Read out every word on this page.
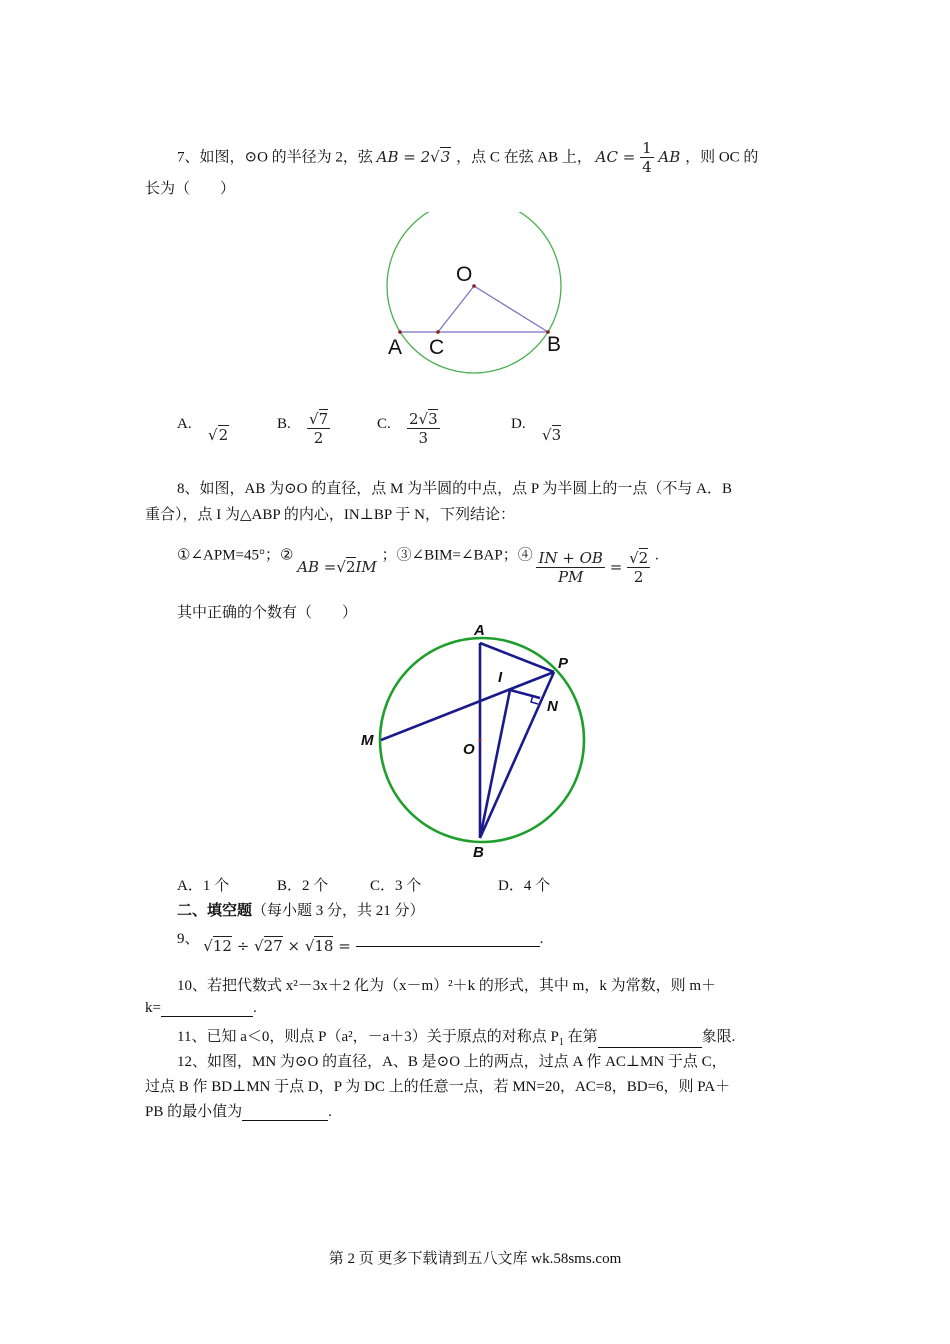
7、如图，⊙O 的半径为 2，弦 AB = 2√3 ，点 C 在弦 AB 上， AC = $\frac{1}{4}$ AB ，则 OC 的
长为（　　）
O
A C	B
A.
√2
B. $\frac{√7}{2}$	C. $\frac{2√3}{3}$	D.
√3
8、如图，AB 为⊙O 的直径，点 M 为半圆的中点，点 P 为半圆上的一点（不与 A．B
重合），点 I 为△ABP 的内心，IN⊥BP 于 N，下列结论：
①∠APM=45°；② AB =√2IM ；③∠BIM=∠BAP；④ $\frac{IN + OB}{PM} = \frac{√2}{2}$ .
其中正确的个数有（　　）
A
P
I
N
M
O
B
A．1 个	B．2 个	C．3 个	D．4 个
二、填空题（每小题 3 分，共 21 分）
9、 √12 ÷ √27 × √18 =	.
10、若把代数式 x²－3x＋2 化为（x－m）²＋k 的形式，其中 m，k 为常数，则 m＋
k=	.
11、已知 a＜0，则点 P（a²，－a＋3）关于原点的对称点 $P_1$ 在第	象限.
12、如图，MN 为⊙O 的直径，A、B 是⊙O 上的两点，过点 A 作 AC⊥MN 于点 C，
过点 B 作 BD⊥MN 于点 D，P 为 DC 上的任意一点，若 MN=20，AC=8，BD=6，则 PA＋
PB 的最小值为	.
第 2 页 更多下载请到五八文库 wk.58sms.com
